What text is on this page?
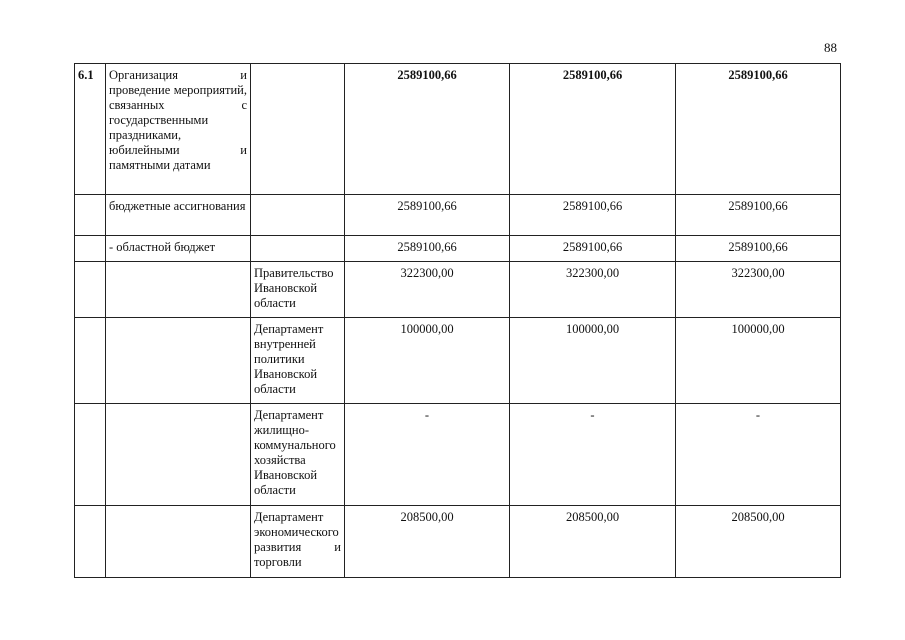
88
6.1	Организация и проведение мероприятий, связанных с государственными праздниками, юбилейными и памятными датами		2589100,66	2589100,66	2589100,66
	бюджетные ассигнования		2589100,66	2589100,66	2589100,66
	- областной бюджет		2589100,66	2589100,66	2589100,66
		Правительство Ивановской области	322300,00	322300,00	322300,00
		Департамент внутренней политики Ивановской области	100000,00	100000,00	100000,00
		Департамент жилищно-коммунального хозяйства Ивановской области	-	-	-

		Департамент экономического развития и торговли	208500,00	208500,00	208500,00
